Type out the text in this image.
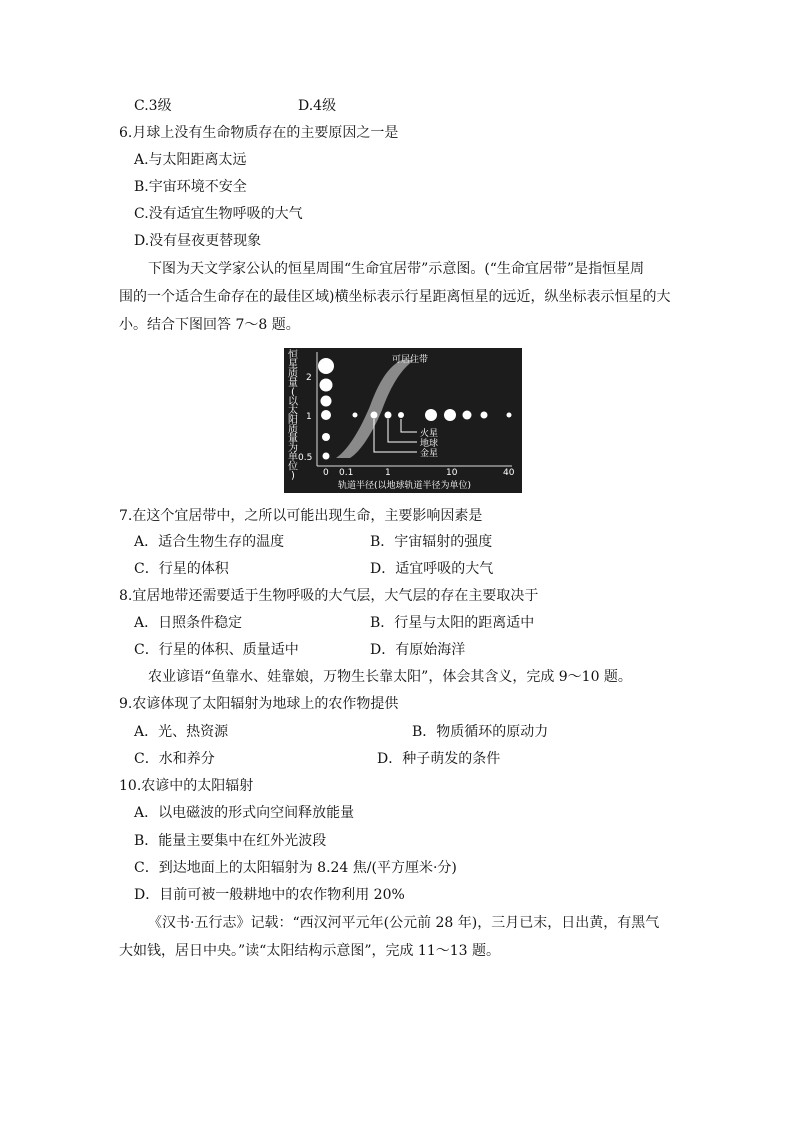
C.3级	D.4级
6.月球上没有生命物质存在的主要原因之一是
A.与太阳距离太远
B.宇宙环境不安全
C.没有适宜生物呼吸的大气
D.没有昼夜更替现象
下图为天文学家公认的恒星周围“生命宜居带”示意图。(“生命宜居带”是指恒星周
围的一个适合生命存在的最佳区域)横坐标表示行星距离恒星的远近，纵坐标表示恒星的大
小。结合下图回答 7～8 题。
恒星质量(以太阳质量为单位)
2
1
0.5
可居住带
火星
地球
金星
0 0.1	1	10	40
轨道半径(以地球轨道半径为单位)
7.在这个宜居带中，之所以可能出现生命，主要影响因素是
A．适合生物生存的温度	B．宇宙辐射的强度
C．行星的体积	D．适宜呼吸的大气
8.宜居地带还需要适于生物呼吸的大气层，大气层的存在主要取决于
A．日照条件稳定	B．行星与太阳的距离适中
C．行星的体积、质量适中	D．有原始海洋
农业谚语“鱼靠水、娃靠娘，万物生长靠太阳”，体会其含义，完成 9～10 题。
9.农谚体现了太阳辐射为地球上的农作物提供
A．光、热资源	B．物质循环的原动力
C．水和养分	D．种子萌发的条件
10.农谚中的太阳辐射
A．以电磁波的形式向空间释放能量
B．能量主要集中在红外光波段
C．到达地面上的太阳辐射为 8.24 焦/(平方厘米·分)
D．目前可被一般耕地中的农作物利用 20%
《汉书·五行志》记载：“西汉河平元年(公元前 28 年)，三月已末，日出黄，有黑气
大如钱，居日中央。”读“太阳结构示意图”，完成 11～13 题。
